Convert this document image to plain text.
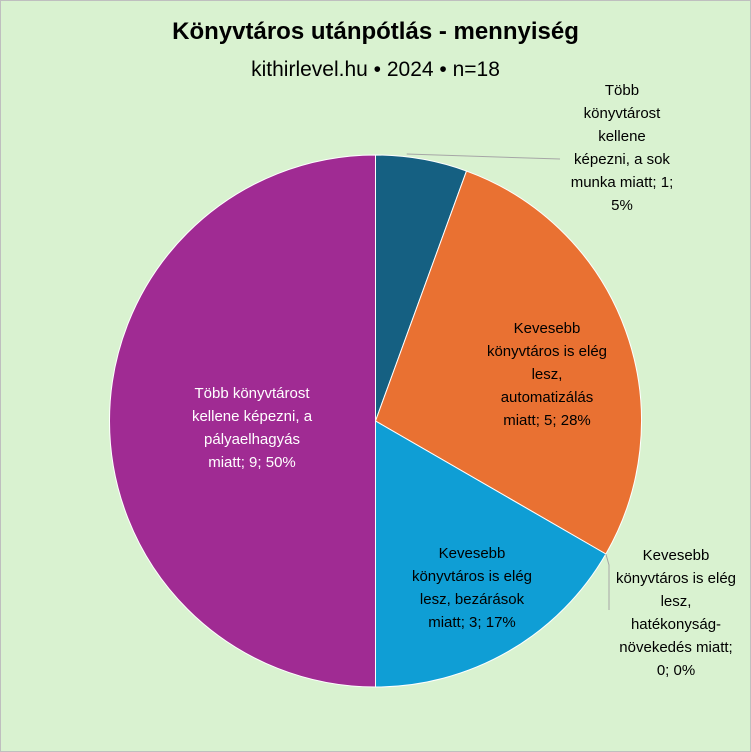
Könyvtáros utánpótlás - mennyiség
kithirlevel.hu • 2024 • n=18
Több könyvtárost kellene képezni, a sok munka miatt; 1; 5%
Kevesebb könyvtáros is elég lesz, automatizálás miatt; 5; 28%
Kevesebb könyvtáros is elég lesz, hatékonyság-növekedés miatt; 0; 0%
Kevesebb könyvtáros is elég lesz, bezárások miatt; 3; 17%
Több könyvtárost kellene képezni, a pályaelhagyás miatt; 9; 50%
